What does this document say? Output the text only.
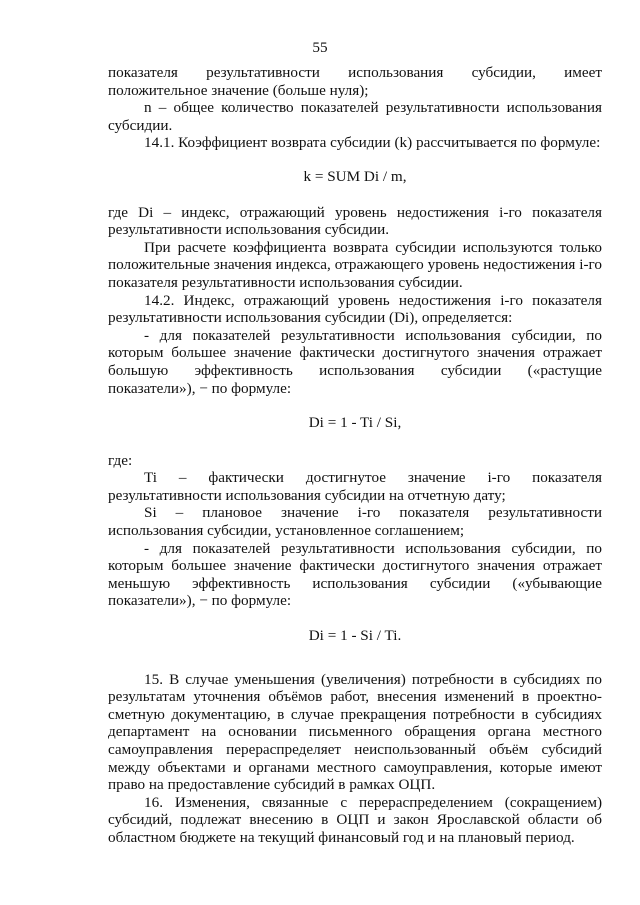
55

показателя результативности использования субсидии, имеет положительное значение (больше нуля);

n – общее количество показателей результативности использования субсидии.

14.1. Коэффициент возврата субсидии (k) рассчитывается по формуле:

k = SUM Di / m,

где Di – индекс, отражающий уровень недостижения i-го показателя результативности использования субсидии.

При расчете коэффициента возврата субсидии используются только положительные значения индекса, отражающего уровень недостижения i-го показателя результативности использования субсидии.

14.2. Индекс, отражающий уровень недостижения i-го показателя результативности использования субсидии (Di), определяется:

- для показателей результативности использования субсидии, по которым большее значение фактически достигнутого значения отражает большую эффективность использования субсидии («растущие показатели»), − по формуле:

Di = 1 - Ti / Si,

где:

Ti – фактически достигнутое значение i-го показателя результативности использования субсидии на отчетную дату;

Si – плановое значение i-го показателя результативности использования субсидии, установленное соглашением;

- для показателей результативности использования субсидии, по которым большее значение фактически достигнутого значения отражает меньшую эффективность использования субсидии («убывающие показатели»), − по формуле:

Di = 1 - Si / Ti.

15. В случае уменьшения (увеличения) потребности в субсидиях по результатам уточнения объёмов работ, внесения изменений в проектно-сметную документацию, в случае прекращения потребности в субсидиях департамент на основании письменного обращения органа местного самоуправления перераспределяет неиспользованный объём субсидий между объектами и органами местного самоуправления, которые имеют право на предоставление субсидий в рамках ОЦП.

16. Изменения, связанные с перераспределением (сокращением) субсидий, подлежат внесению в ОЦП и закон Ярославской области об областном бюджете на текущий финансовый год и на плановый период.
